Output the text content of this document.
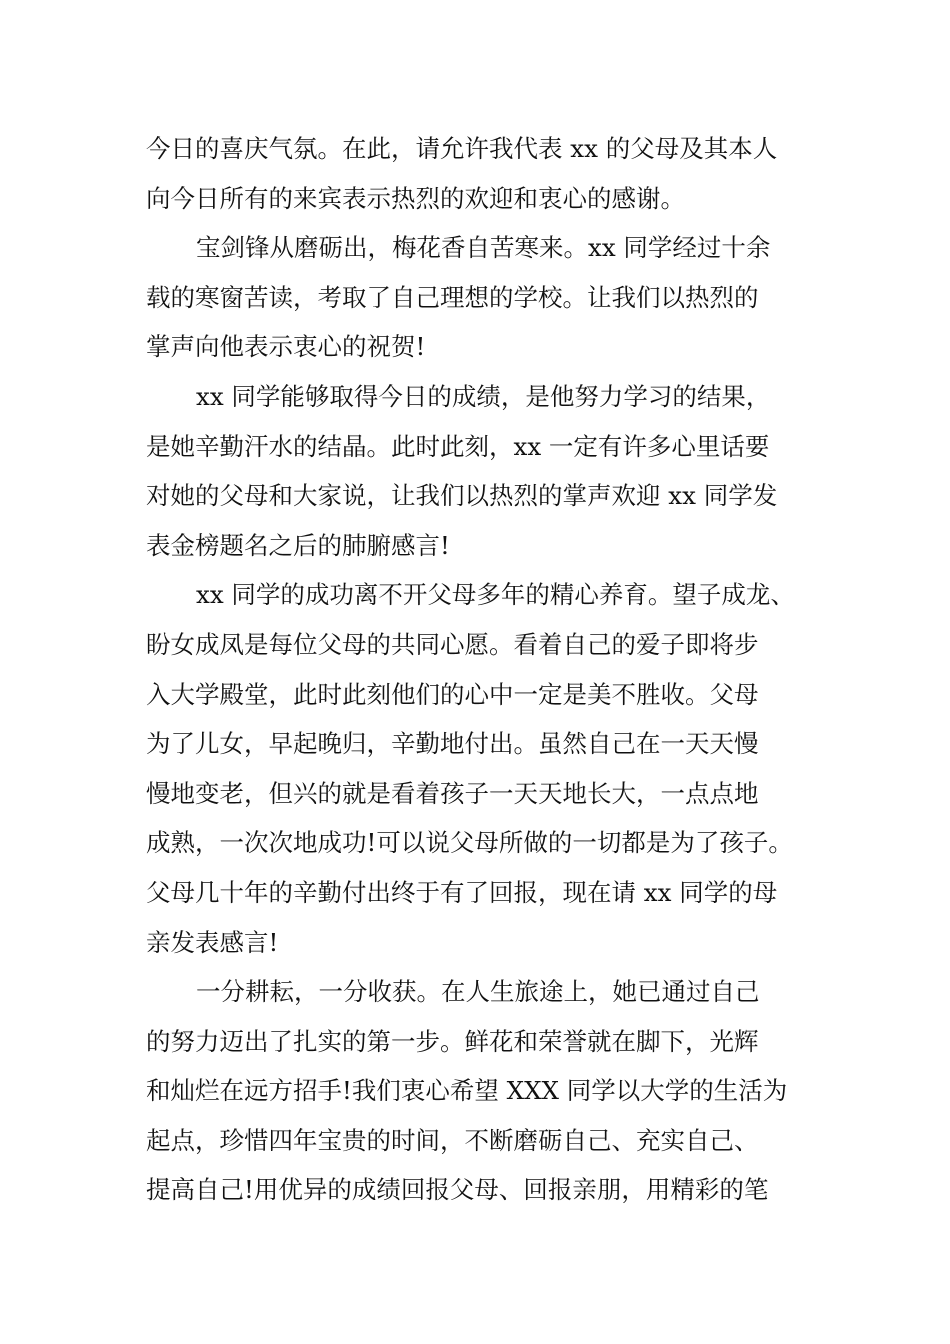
今日的喜庆气氛。在此，请允许我代表 xx 的父母及其本人
向今日所有的来宾表示热烈的欢迎和衷心的感谢。
宝剑锋从磨砺出，梅花香自苦寒来。xx 同学经过十余
载的寒窗苦读，考取了自己理想的学校。让我们以热烈的
掌声向他表示衷心的祝贺!
xx 同学能够取得今日的成绩，是他努力学习的结果，
是她辛勤汗水的结晶。此时此刻，xx 一定有许多心里话要
对她的父母和大家说，让我们以热烈的掌声欢迎 xx 同学发
表金榜题名之后的肺腑感言!
xx 同学的成功离不开父母多年的精心养育。望子成龙、
盼女成凤是每位父母的共同心愿。看着自己的爱子即将步
入大学殿堂，此时此刻他们的心中一定是美不胜收。父母
为了儿女，早起晚归，辛勤地付出。虽然自己在一天天慢
慢地变老，但兴的就是看着孩子一天天地长大，一点点地
成熟，一次次地成功!可以说父母所做的一切都是为了孩子。
父母几十年的辛勤付出终于有了回报，现在请 xx 同学的母
亲发表感言!
一分耕耘，一分收获。在人生旅途上，她已通过自己
的努力迈出了扎实的第一步。鲜花和荣誉就在脚下，光辉
和灿烂在远方招手!我们衷心希望 XXX 同学以大学的生活为
起点，珍惜四年宝贵的时间，不断磨砺自己、充实自己、
提高自己!用优异的成绩回报父母、回报亲朋，用精彩的笔
